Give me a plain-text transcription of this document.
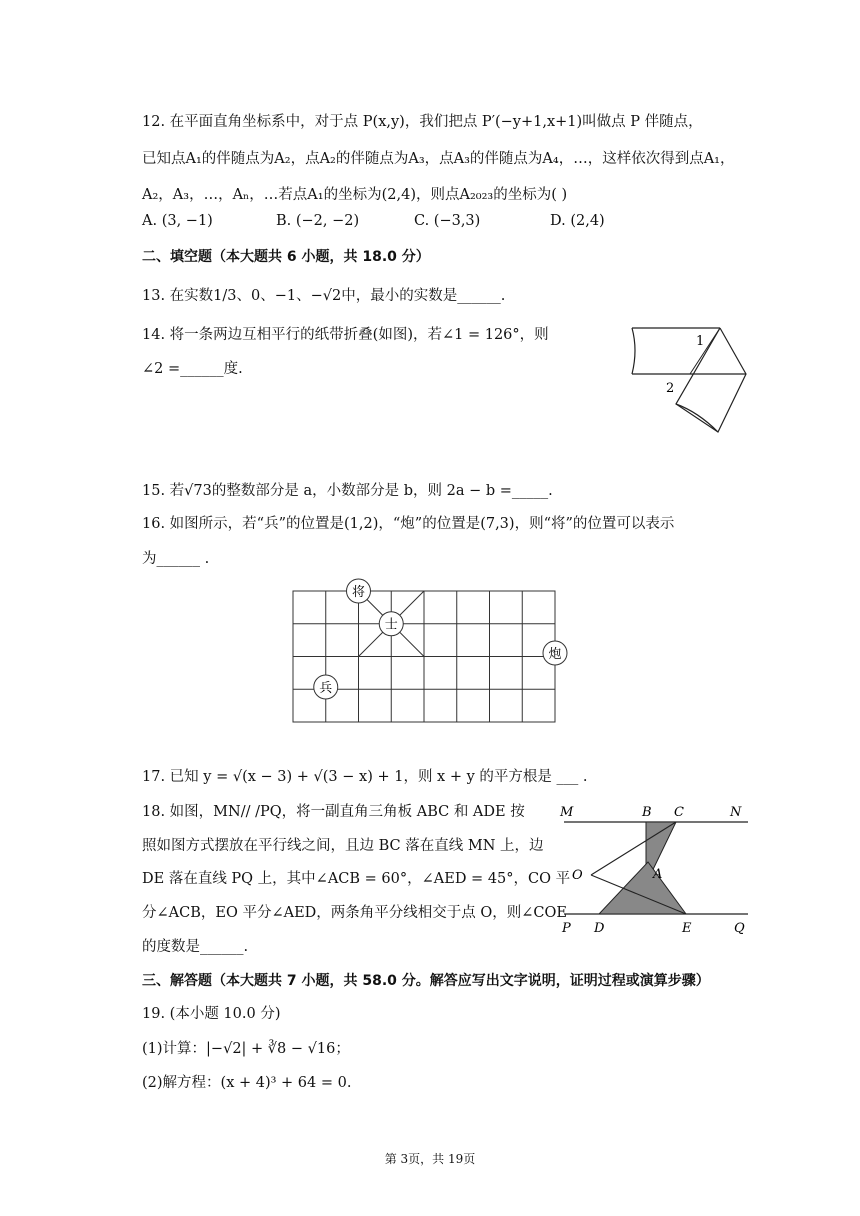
12. 在平面直角坐标系中，对于点 P(x,y)，我们把点 P′(−y+1,x+1)叫做点 P 伴随点，
已知点A₁的伴随点为A₂，点A₂的伴随点为A₃，点A₃的伴随点为A₄，…，这样依次得到点A₁，
A₂，A₃，…，Aₙ，…若点A₁的坐标为(2,4)，则点A₂₀₂₃的坐标为( )
A. (3, −1)	B. (−2, −2)	C. (−3,3)	D. (2,4)
二、填空题（本大题共 6 小题，共 18.0 分）
13. 在实数1/3、0、−1、−√2中，最小的实数是______.
14. 将一条两边互相平行的纸带折叠(如图)，若∠1 = 126°，则
∠2 =______度.
1
2
15. 若√73的整数部分是 a，小数部分是 b，则 2a − b =_____.
16. 如图所示，若“兵”的位置是(1,2)，“炮”的位置是(7,3)，则“将”的位置可以表示
为______ .
将
士
炮
兵
17. 已知 y = √(x − 3) + √(3 − x) + 1，则 x + y 的平方根是 ___ .
18. 如图，MN// /PQ，将一副直角三角板 ABC 和 ADE 按
照如图方式摆放在平行线之间，且边 BC 落在直线 MN 上，边
DE 落在直线 PQ 上，其中∠ACB = 60°，∠AED = 45°，CO 平
分∠ACB，EO 平分∠AED，两条角平分线相交于点 O，则∠COE
的度数是______.
M	B C	N
O	A
P D	E	Q
三、解答题（本大题共 7 小题，共 58.0 分。解答应写出文字说明，证明过程或演算步骤）
19. (本小题 10.0 分)
(1)计算：|−√2| + ∛8 − √16；
(2)解方程：(x + 4)³ + 64 = 0.
第 3页，共 19页
